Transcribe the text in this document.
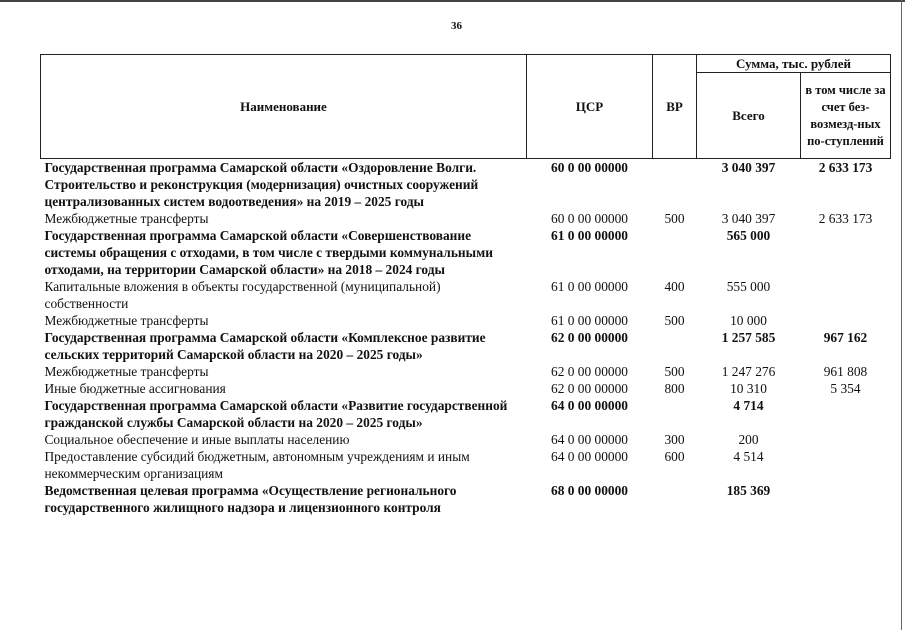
36
Наименование	ЦСР	ВР	Сумма, тыс. рублей	
			Всего	в том числе за счет без-возмезд-ных по-ступлений
Государственная программа Самарской области «Оздоровление Волги. Строительство и реконструкция (модернизация) очистных сооружений централизованных систем водоотведения» на 2019 – 2025 годы	60 0 00 00000		3 040 397	2 633 173
Межбюджетные трансферты	60 0 00 00000	500	3 040 397	2 633 173
Государственная программа Самарской области «Совершенствование системы обращения с отходами, в том числе с твердыми коммунальными отходами, на территории Самарской области» на 2018 – 2024 годы	61 0 00 00000		565 000	
Капитальные вложения в объекты государственной (муниципальной) собственности	61 0 00 00000	400	555 000	
Межбюджетные трансферты	61 0 00 00000	500	10 000	
Государственная программа Самарской области «Комплексное развитие сельских территорий Самарской области на 2020 – 2025 годы»	62 0 00 00000		1 257 585	967 162
Межбюджетные трансферты	62 0 00 00000	500	1 247 276	961 808
Иные бюджетные ассигнования	62 0 00 00000	800	10 310	5 354
Государственная программа Самарской области «Развитие государственной гражданской службы Самарской области на 2020 – 2025 годы»	64 0 00 00000		4 714	
Социальное обеспечение и иные выплаты населению	64 0 00 00000	300	200	
Предоставление субсидий бюджетным, автономным учреждениям и иным некоммерческим организациям	64 0 00 00000	600	4 514	
Ведомственная целевая программа «Осуществление регионального государственного жилищного надзора и лицензионного контроля	68 0 00 00000		185 369	
